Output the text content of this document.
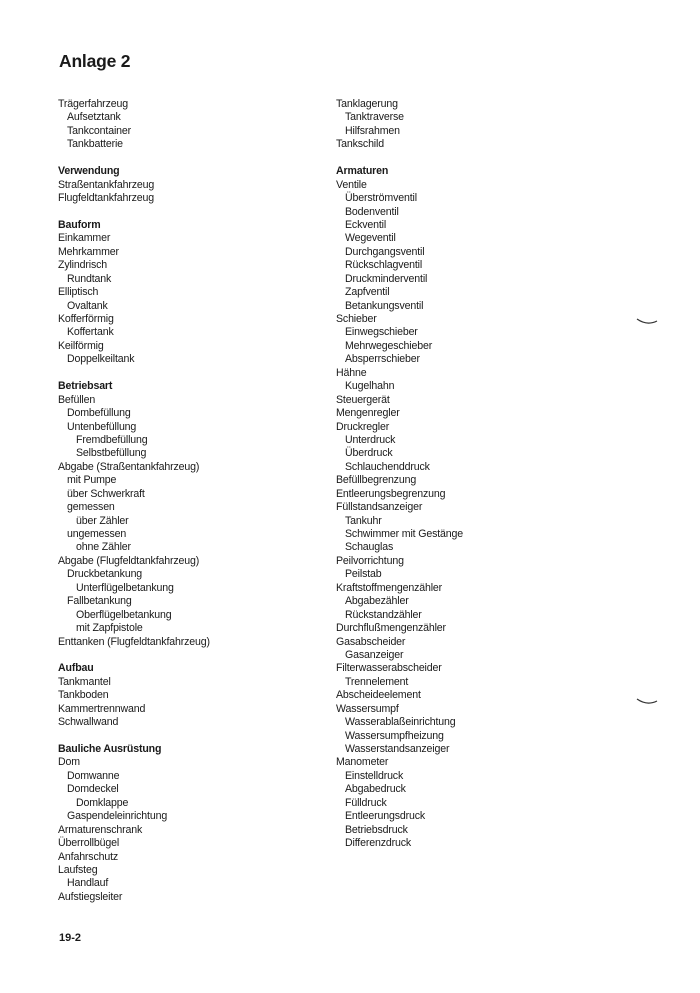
Anlage 2
Trägerfahrzeug
Aufsetztank
Tankcontainer
Tankbatterie
Verwendung
Straßentankfahrzeug
Flugfeldtankfahrzeug
Bauform
Einkammer
Mehrkammer
Zylindrisch
Rundtank
Elliptisch
Ovaltank
Kofferförmig
Koffertank
Keilförmig
Doppelkeiltank
Betriebsart
Befüllen
Dombefüllung
Untenbefüllung
Fremdbefüllung
Selbstbefüllung
Abgabe (Straßentankfahrzeug)
mit Pumpe
über Schwerkraft
gemessen
über Zähler
ungemessen
ohne Zähler
Abgabe (Flugfeldtankfahrzeug)
Druckbetankung
Unterflügelbetankung
Fallbetankung
Oberflügelbetankung
mit Zapfpistole
Enttanken (Flugfeldtankfahrzeug)
Aufbau
Tankmantel
Tankboden
Kammertrennwand
Schwallwand
Bauliche Ausrüstung
Dom
Domwanne
Domdeckel
Domklappe
Gaspendeleinrichtung
Armaturenschrank
Überrollbügel
Anfahrschutz
Laufsteg
Handlauf
Aufstiegsleiter
Tanklagerung
Tanktraverse
Hilfsrahmen
Tankschild
Armaturen
Ventile
Überströmventil
Bodenventil
Eckventil
Wegeventil
Durchgangsventil
Rückschlagventil
Druckminderventil
Zapfventil
Betankungsventil
Schieber
Einwegschieber
Mehrwegeschieber
Absperrschieber
Hähne
Kugelhahn
Steuergerät
Mengenregler
Druckregler
Unterdruck
Überdruck
Schlauchenddruck
Befüllbegrenzung
Entleerungsbegrenzung
Füllstandsanzeiger
Tankuhr
Schwimmer mit Gestänge
Schauglas
Peilvorrichtung
Peilstab
Kraftstoffmengenzähler
Abgabezähler
Rückstandzähler
Durchflußmengenzähler
Gasabscheider
Gasanzeiger
Filterwasserabscheider
Trennelement
Abscheideelement
Wassersumpf
Wasserablaßeinrichtung
Wassersumpfheizung
Wasserstandsanzeiger
Manometer
Einstelldruck
Abgabedruck
Fülldruck
Entleerungsdruck
Betriebsdruck
Differenzdruck
19-2
